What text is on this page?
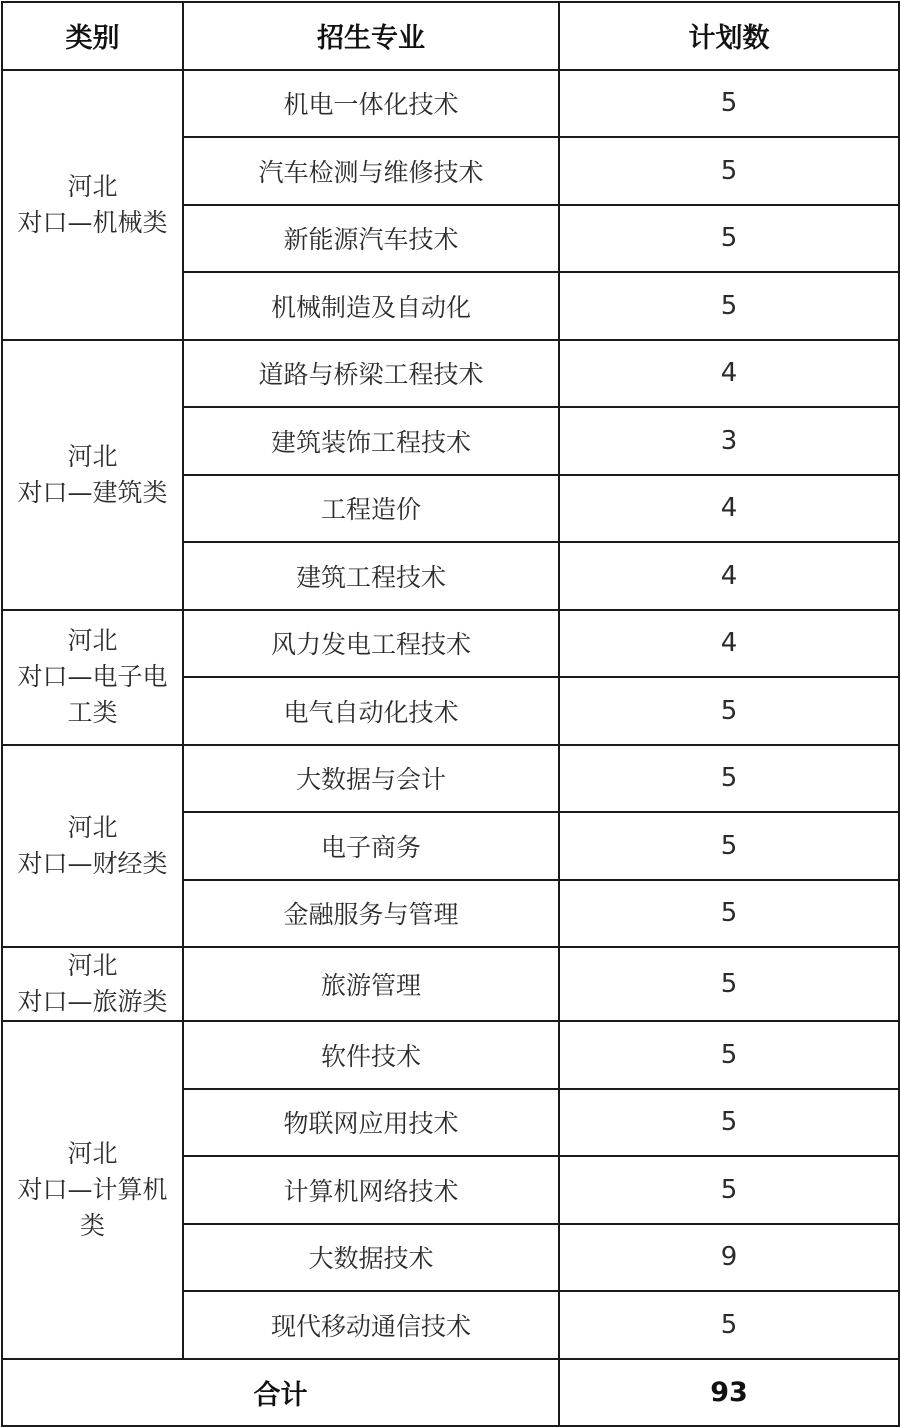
类别	招生专业	计划数

河北
对口—机械类	机电一体化技术	5
	汽车检测与维修技术	5
	新能源汽车技术	5
	机械制造及自动化	5

河北
对口—建筑类	道路与桥梁工程技术	4
	建筑装饰工程技术	3
	工程造价	4
	建筑工程技术	4

河北
对口—电子电
工类	风力发电工程技术	4
	电气自动化技术	5

河北
对口—财经类	大数据与会计	5
	电子商务	5
	金融服务与管理	5

河北
对口—旅游类	旅游管理	5

河北
对口—计算机
类	软件技术	5
	物联网应用技术	5
	计算机网络技术	5
	大数据技术	9
	现代移动通信技术	5
合计		93
